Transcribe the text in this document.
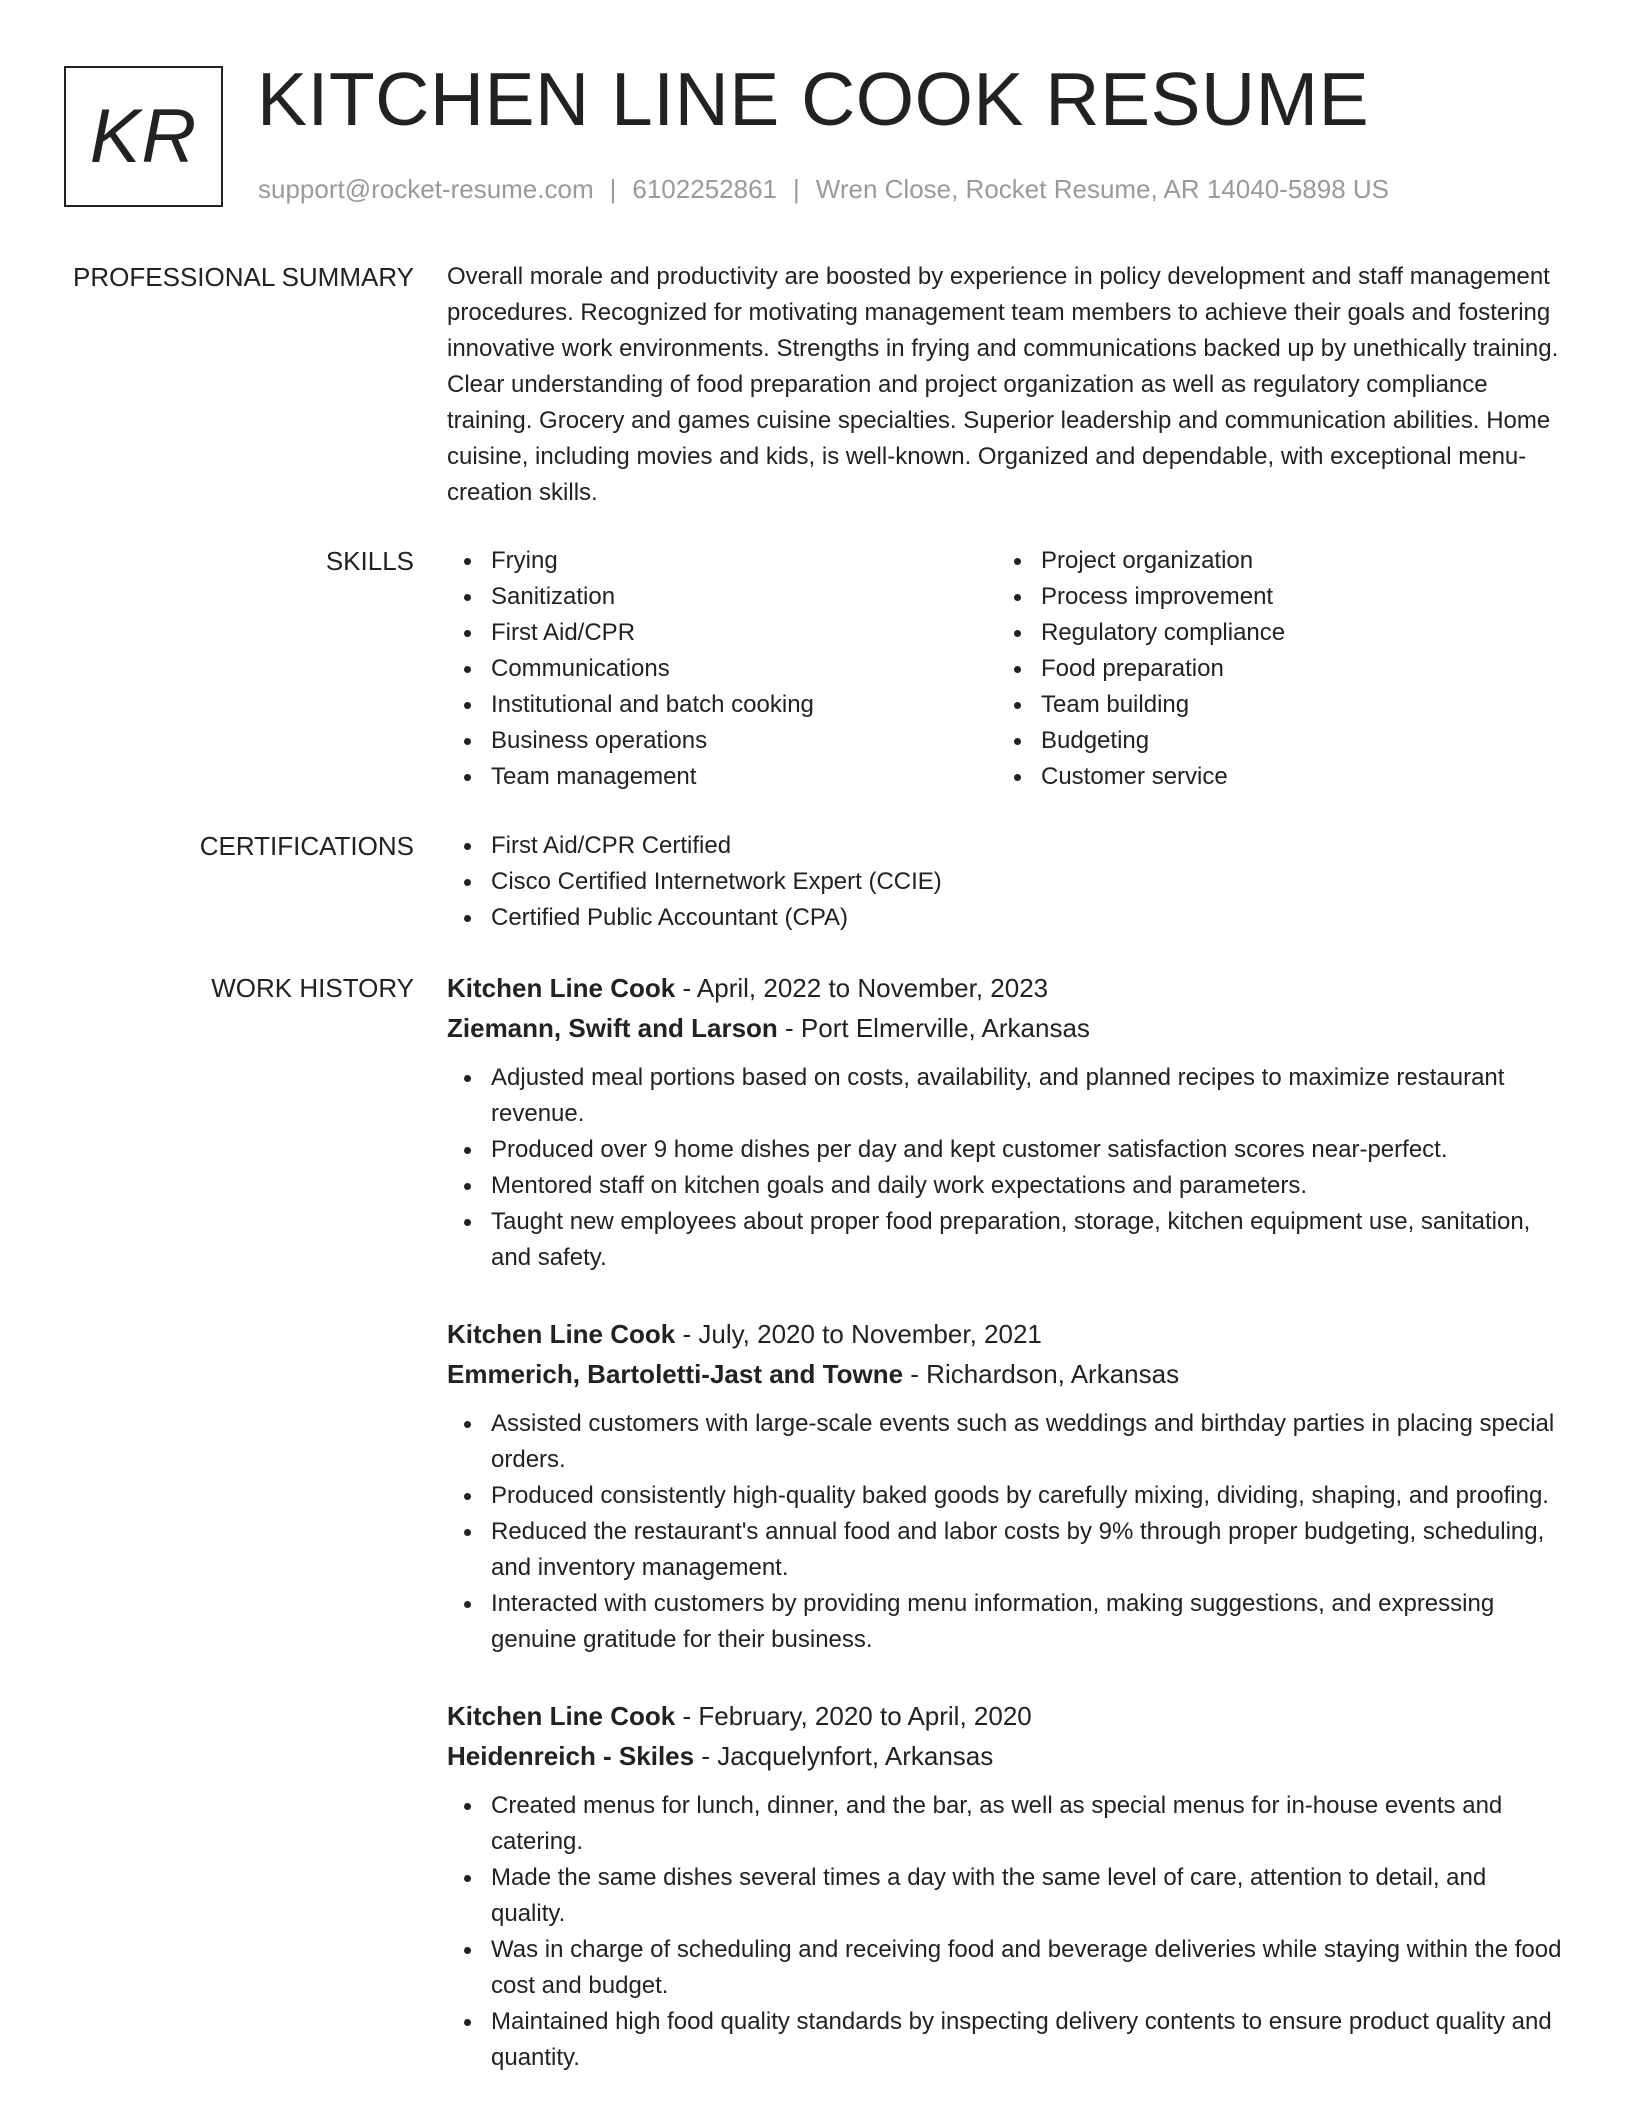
KR KITCHEN LINE COOK RESUME
support@rocket-resume.com | 6102252861 | Wren Close, Rocket Resume, AR 14040-5898 US
PROFESSIONAL SUMMARY Overall morale and productivity are boosted by experience in policy development and staff management procedures. Recognized for motivating management team members to achieve their goals and fostering innovative work environments. Strengths in frying and communications backed up by unethically training. Clear understanding of food preparation and project organization as well as regulatory compliance training. Grocery and games cuisine specialties. Superior leadership and communication abilities. Home cuisine, including movies and kids, is well-known. Organized and dependable, with exceptional menu-creation skills.

SKILLS	Frying
Sanitization
First Aid/CPR
Communications
Institutional and batch cooking
Business operations
Team management
Project organization
Process improvement
Regulatory compliance
Food preparation
Team building
Budgeting
Customer service
CERTIFICATIONS	First Aid/CPR Certified
Cisco Certified Internetwork Expert (CCIE)
Certified Public Accountant (CPA)
WORK HISTORY Kitchen Line Cook - April, 2022 to November, 2023
Ziemann, Swift and Larson - Port Elmerville, Arkansas
Adjusted meal portions based on costs, availability, and planned recipes to maximize restaurant revenue.
Produced over 9 home dishes per day and kept customer satisfaction scores near-perfect.
Mentored staff on kitchen goals and daily work expectations and parameters.
Taught new employees about proper food preparation, storage, kitchen equipment use, sanitation, and safety.
Kitchen Line Cook - July, 2020 to November, 2021
Emmerich, Bartoletti-Jast and Towne - Richardson, Arkansas
Assisted customers with large-scale events such as weddings and birthday parties in placing special orders.
Produced consistently high-quality baked goods by carefully mixing, dividing, shaping, and proofing.
Reduced the restaurant's annual food and labor costs by 9% through proper budgeting, scheduling, and inventory management.
Interacted with customers by providing menu information, making suggestions, and expressing genuine gratitude for their business.
Kitchen Line Cook - February, 2020 to April, 2020
Heidenreich - Skiles - Jacquelynfort, Arkansas
Created menus for lunch, dinner, and the bar, as well as special menus for in-house events and catering.
Made the same dishes several times a day with the same level of care, attention to detail, and quality.
Was in charge of scheduling and receiving food and beverage deliveries while staying within the food cost and budget.
Maintained high food quality standards by inspecting delivery contents to ensure product quality and quantity.
